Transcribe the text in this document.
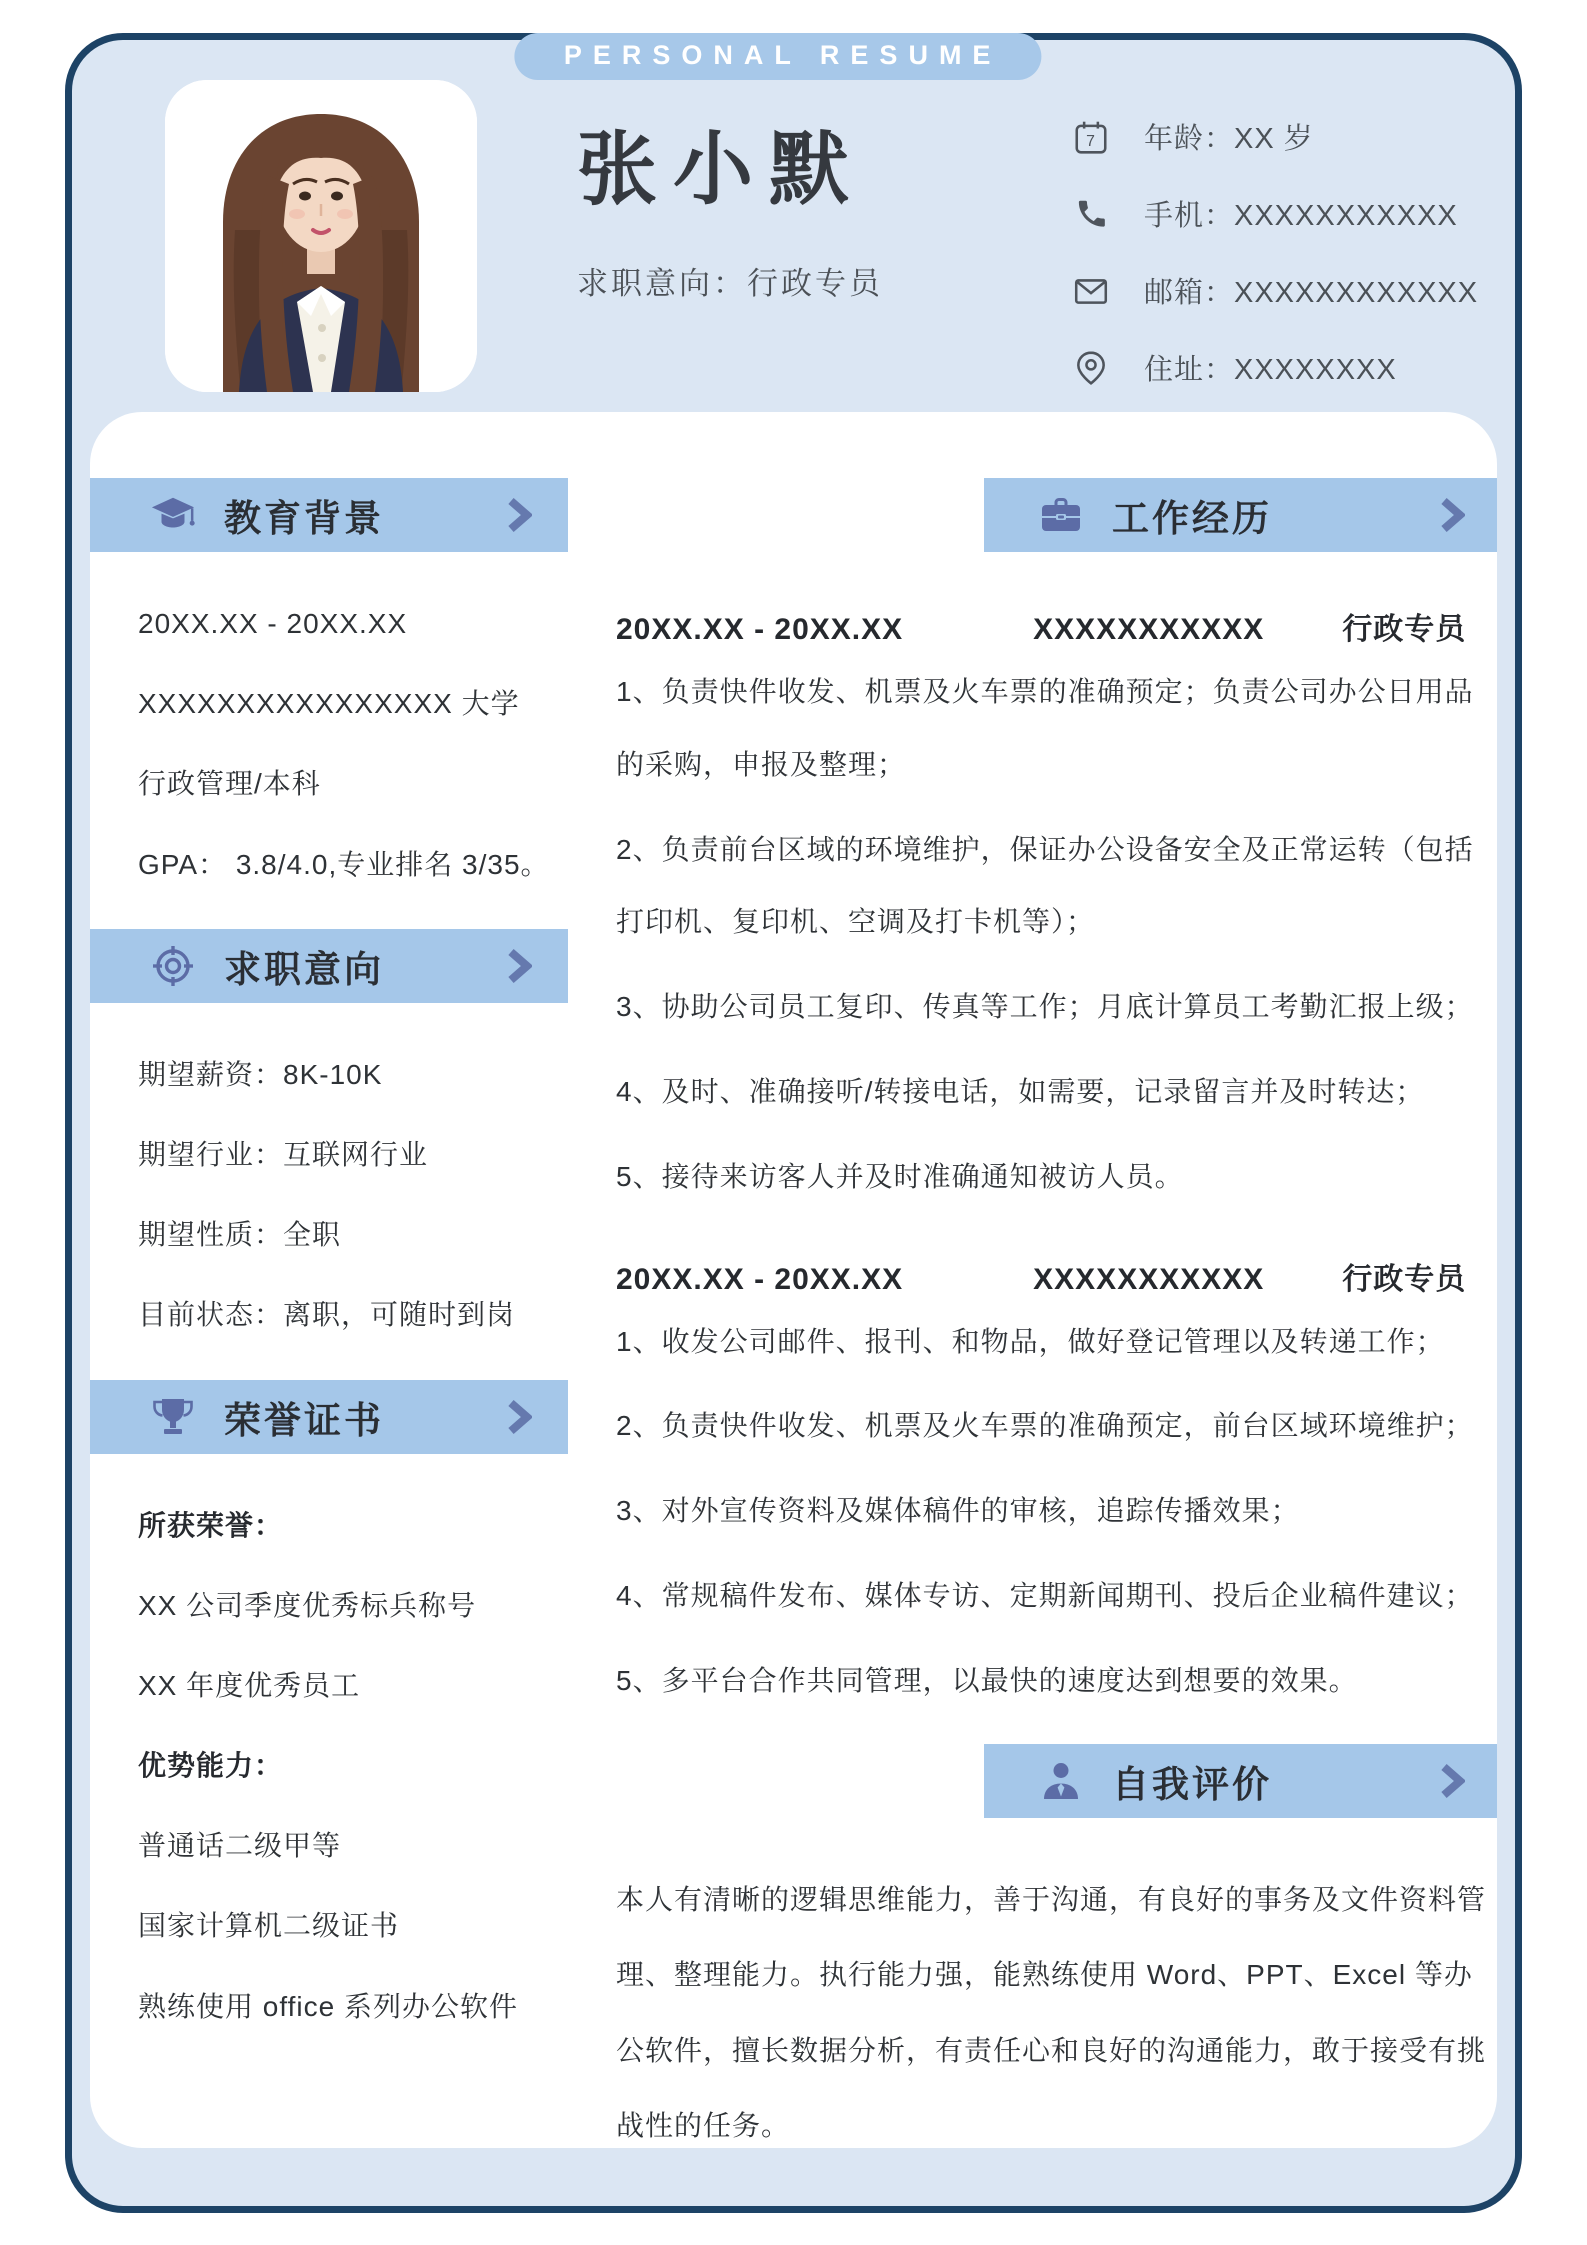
PERSONAL RESUME
张小默
求职意向：行政专员
7 年龄：XX 岁
手机：XXXXXXXXXXX
邮箱：XXXXXXXXXXXX
住址：XXXXXXXX
教育背景

20XX.XX - 20XX.XX

XXXXXXXXXXXXXXXX 大学

行政管理/本科

GPA： 3.8/4.0,专业排名 3/35。

求职意向

期望薪资：8K-10K

期望行业：互联网行业

期望性质：全职

目前状态：离职，可随时到岗

荣誉证书

所获荣誉：

XX 公司季度优秀标兵称号

XX 年度优秀员工

优势能力：

普通话二级甲等

国家计算机二级证书

熟练使用 office 系列办公软件

工作经历
20XX.XX - 20XX.XX	XXXXXXXXXXX	行政专员

1、负责快件收发、机票及火车票的准确预定；负责公司办公日用品的采购，申报及整理；

2、负责前台区域的环境维护，保证办公设备安全及正常运转（包括打印机、复印机、空调及打卡机等）；

3、协助公司员工复印、传真等工作；月底计算员工考勤汇报上级；

4、及时、准确接听/转接电话，如需要，记录留言并及时转达；

5、接待来访客人并及时准确通知被访人员。

20XX.XX - 20XX.XX	XXXXXXXXXXX	行政专员

1、收发公司邮件、报刊、和物品，做好登记管理以及转递工作；

2、负责快件收发、机票及火车票的准确预定，前台区域环境维护；

3、对外宣传资料及媒体稿件的审核，追踪传播效果；

4、常规稿件发布、媒体专访、定期新闻期刊、投后企业稿件建议；

5、多平台合作共同管理，以最快的速度达到想要的效果。

自我评价
本人有清晰的逻辑思维能力，善于沟通，有良好的事务及文件资料管理、整理能力。执行能力强，能熟练使用 Word、PPT、Excel 等办公软件，擅长数据分析，有责任心和良好的沟通能力，敢于接受有挑战性的任务。
